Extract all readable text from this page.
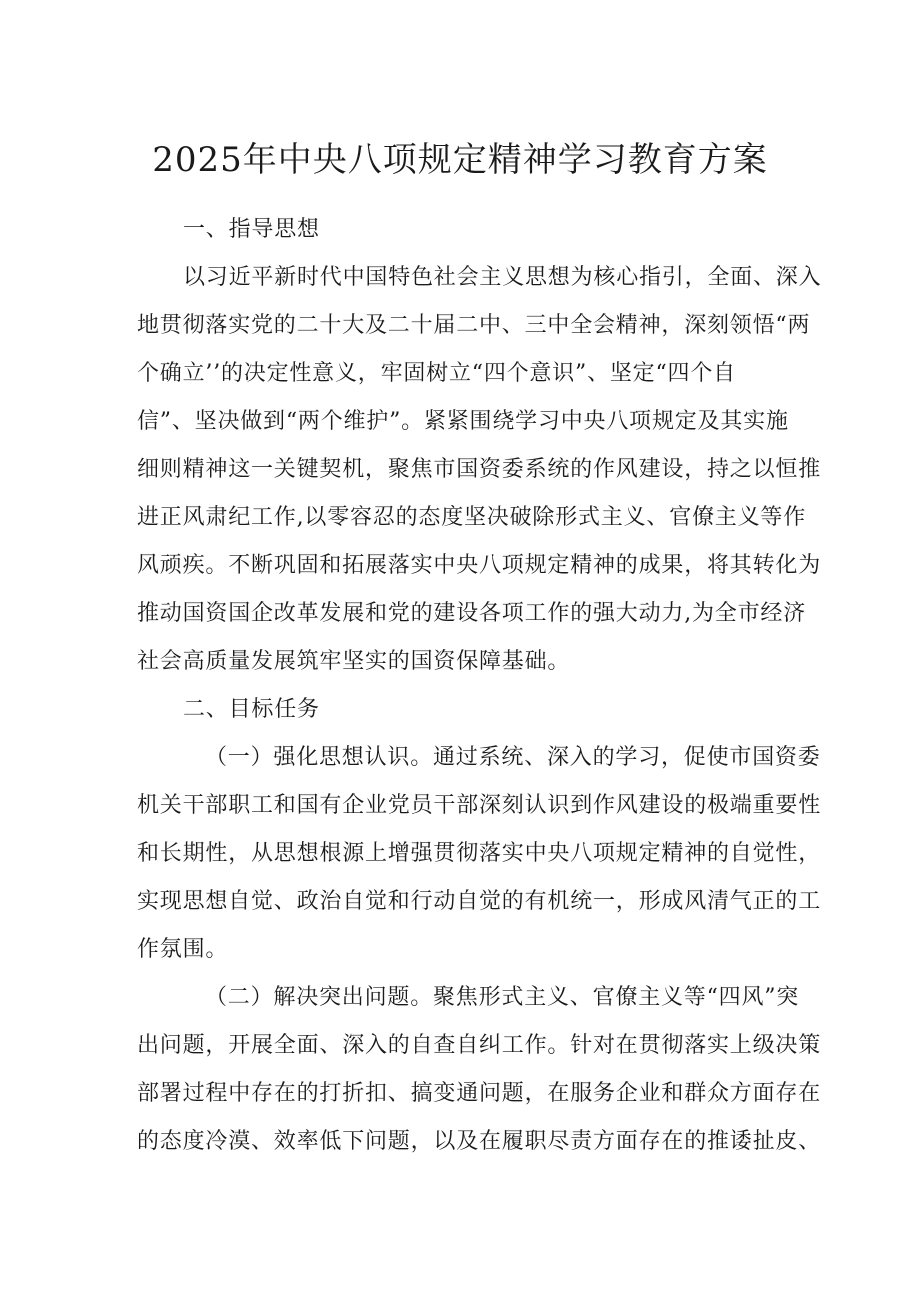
2025年中央八项规定精神学习教育方案
一、指导思想
以习近平新时代中国特色社会主义思想为核心指引，全面、深入
地贯彻落实党的二十大及二十届二中、三中全会精神，深刻领悟“两
个确立’’的决定性意义，牢固树立“四个意识”、坚定“四个自
信”、坚决做到“两个维护”。紧紧围绕学习中央八项规定及其实施
细则精神这一关键契机，聚焦市国资委系统的作风建设，持之以恒推
进正风肃纪工作,以零容忍的态度坚决破除形式主义、官僚主义等作
风顽疾。不断巩固和拓展落实中央八项规定精神的成果，将其转化为
推动国资国企改革发展和党的建设各项工作的强大动力,为全市经济
社会高质量发展筑牢坚实的国资保障基础。
二、目标任务
（一）强化思想认识。通过系统、深入的学习，促使市国资委
机关干部职工和国有企业党员干部深刻认识到作风建设的极端重要性
和长期性，从思想根源上增强贯彻落实中央八项规定精神的自觉性，
实现思想自觉、政治自觉和行动自觉的有机统一，形成风清气正的工
作氛围。
（二）解决突出问题。聚焦形式主义、官僚主义等“四风”突
出问题，开展全面、深入的自查自纠工作。针对在贯彻落实上级决策
部署过程中存在的打折扣、搞变通问题，在服务企业和群众方面存在
的态度冷漠、效率低下问题，以及在履职尽责方面存在的推诿扯皮、
